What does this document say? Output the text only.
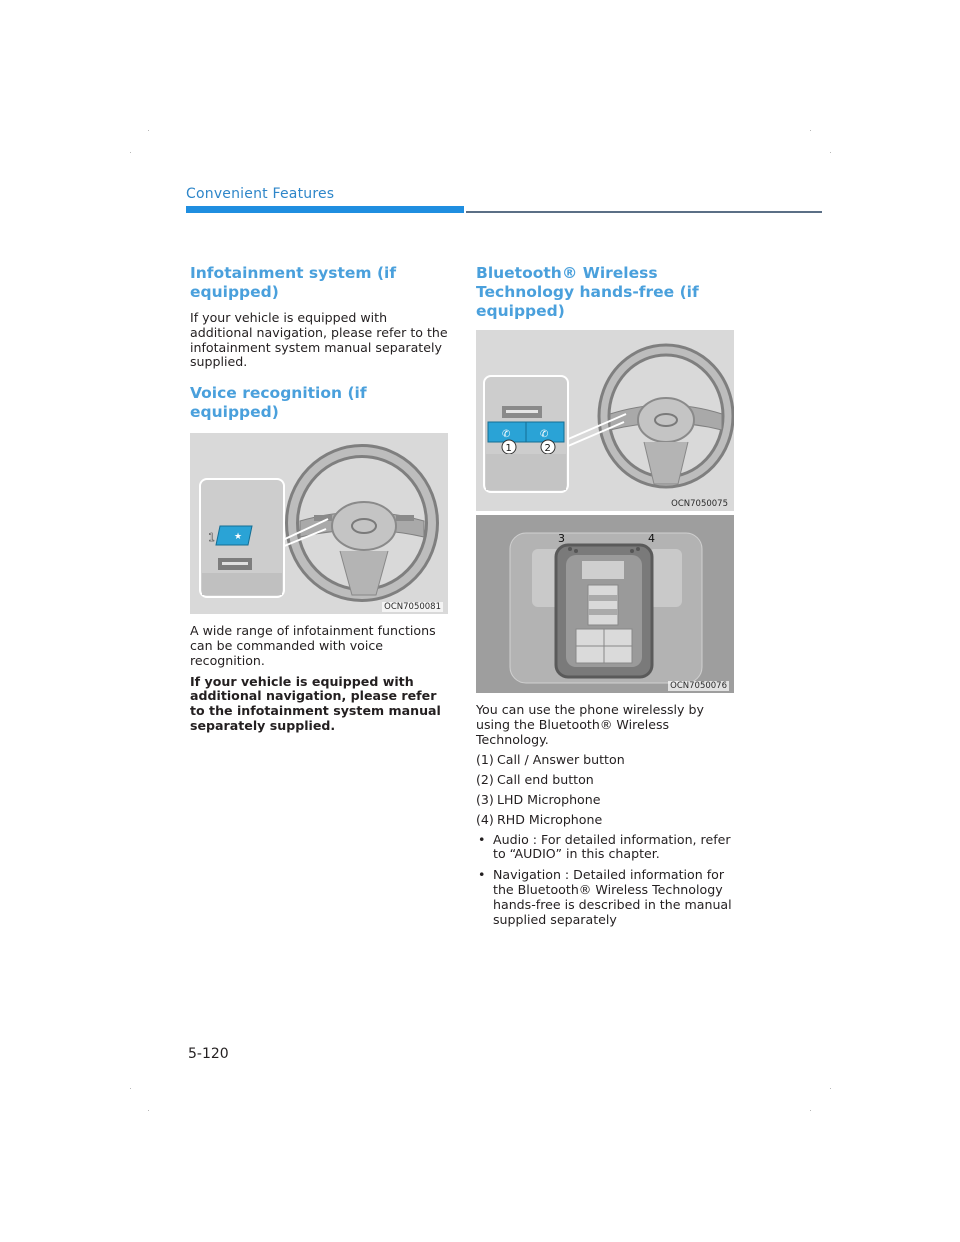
Convenient Features
Infotainment system (if equipped)

If your vehicle is equipped with additional navigation, please refer to the infotainment system manual separately supplied.

Voice recognition (if equipped)
★
1
OCN7050081

A wide range of infotainment functions can be commanded with voice recognition.

If your vehicle is equipped with additional navigation, please refer to the infotainment system manual separately supplied.

Bluetooth® Wireless Technology hands-free (if equipped)
✆	✆
1	2
OCN7050075
3	4
OCN7050076

You can use the phone wirelessly by using the Bluetooth® Wireless Technology.

(1) Call / Answer button
(2) Call end button
(3) LHD Microphone
(4) RHD Microphone
• Audio : For detailed information, refer to “AUDIO” in this chapter.
• Navigation : Detailed information for the Bluetooth® Wireless Technology hands-free is described in the manual supplied separately
5-120
